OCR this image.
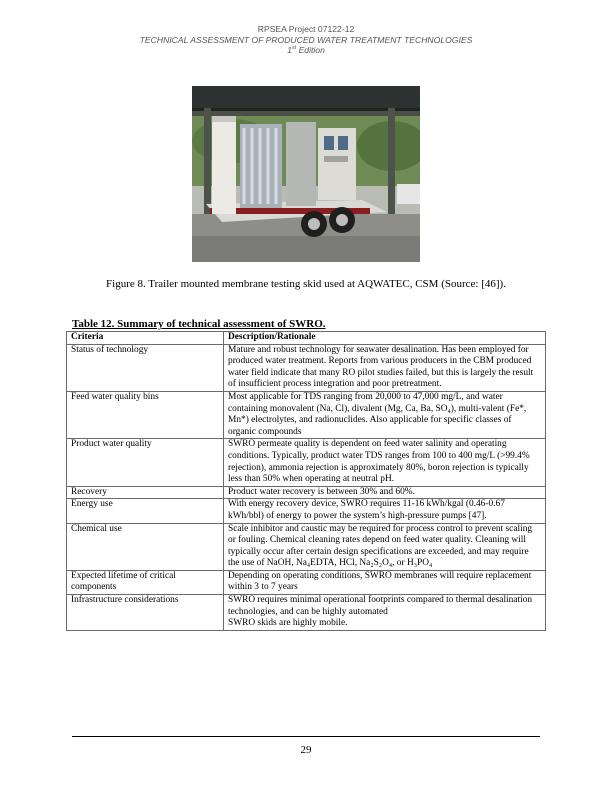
RPSEA Project 07122-12
TECHNICAL ASSESSMENT OF PRODUCED WATER TREATMENT TECHNOLOGIES
1st Edition
Figure 8. Trailer mounted membrane testing skid used at AQWATEC, CSM (Source: [46]).
Table 12. Summary of technical assessment of SWRO.
Criteria	Description/Rationale
Status of technology	Mature and robust technology for seawater desalination. Has been employed for produced water treatment. Reports from various producers in the CBM produced water field indicate that many RO pilot studies failed, but this is largely the result of insufficient process integration and poor pretreatment.
Feed water quality bins	Most applicable for TDS ranging from 20,000 to 47,000 mg/L, and water containing monovalent (Na, Cl), divalent (Mg, Ca, Ba, SO₄), multi-valent (Fe*, Mn*) electrolytes, and radionuclides. Also applicable for specific classes of organic compounds
Product water quality	SWRO permeate quality is dependent on feed water salinity and operating conditions. Typically, product water TDS ranges from 100 to 400 mg/L (>99.4% rejection), ammonia rejection is approximately 80%, boron rejection is typically less than 50% when operating at neutral pH.
Recovery	Product water recovery is between 30% and 60%.
Energy use	With energy recovery device, SWRO requires 11-16 kWh/kgal (0.46-0.67 kWh/bbl) of energy to power the system’s high-pressure pumps [47].
Chemical use	Scale inhibitor and caustic may be required for process control to prevent scaling or fouling. Chemical cleaning rates depend on feed water quality. Cleaning will typically occur after certain design specifications are exceeded, and may require the use of NaOH, Na₄EDTA, HCl, Na₂S₂O₄, or H₃PO₄
Expected lifetime of critical components	Depending on operating conditions, SWRO membranes will require replacement within 3 to 7 years
Infrastructure considerations	SWRO requires minimal operational footprints compared to thermal desalination technologies, and can be highly automated
SWRO skids are highly mobile.
29
